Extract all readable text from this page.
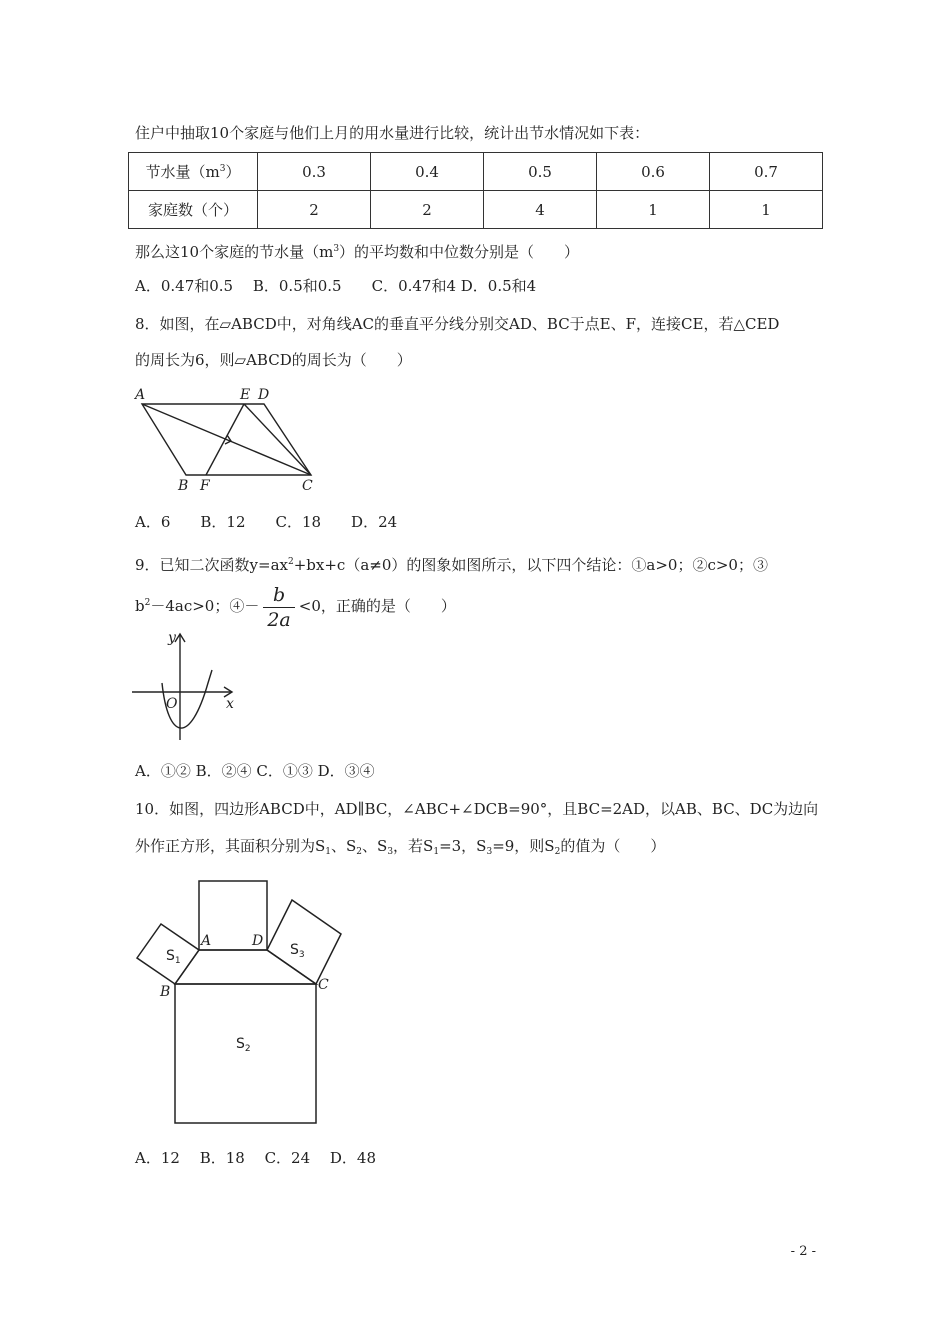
住户中抽取10个家庭与他们上月的用水量进行比较，统计出节水情况如下表：
节水量$(m^3)$	0.3	0.4	0.5	0.6	0.7
家庭数（个）	2	2	4	1	1
那么这10个家庭的节水量$(m^3)$的平均数和中位数分别是（　　）
A．0.47和0.5　 B．0.5和0.5　　C．0.47和4 D．0.5和4
8．如图，在▱ABCD中，对角线AC的垂直平分线分别交AD、BC于点E、F，连接CE，若△CED
的周长为6，则▱ABCD的周长为（　　）
A	E D
B F	C
A．6　　B．12　　C．18　　D．24
9．已知二次函数$y=ax^2+bx+c(a\ne 0)$的图象如图所示，以下四个结论：①a>0；②c>0；③
$b^2-4ac>0$；④－ $\frac{b}{2a} <0$，正确的是（　　）
y
O	x
A．①② B．②④ C．①③ D．③④
10．如图，四边形ABCD中，AD∥BC，∠ABC+∠DCB=90°，且BC=2AD，以AB、BC、DC为边向
外作正方形，其面积分别为$S_1$、$S_2$、$S_3$，若$S_1=3$，$S_3=9$，则$S_2$的值为（　　）
A	D
B	C
$S_1$
$S_3$
$S_2$
A．12　 B．18　 C．24　 D．48
- 2 -
